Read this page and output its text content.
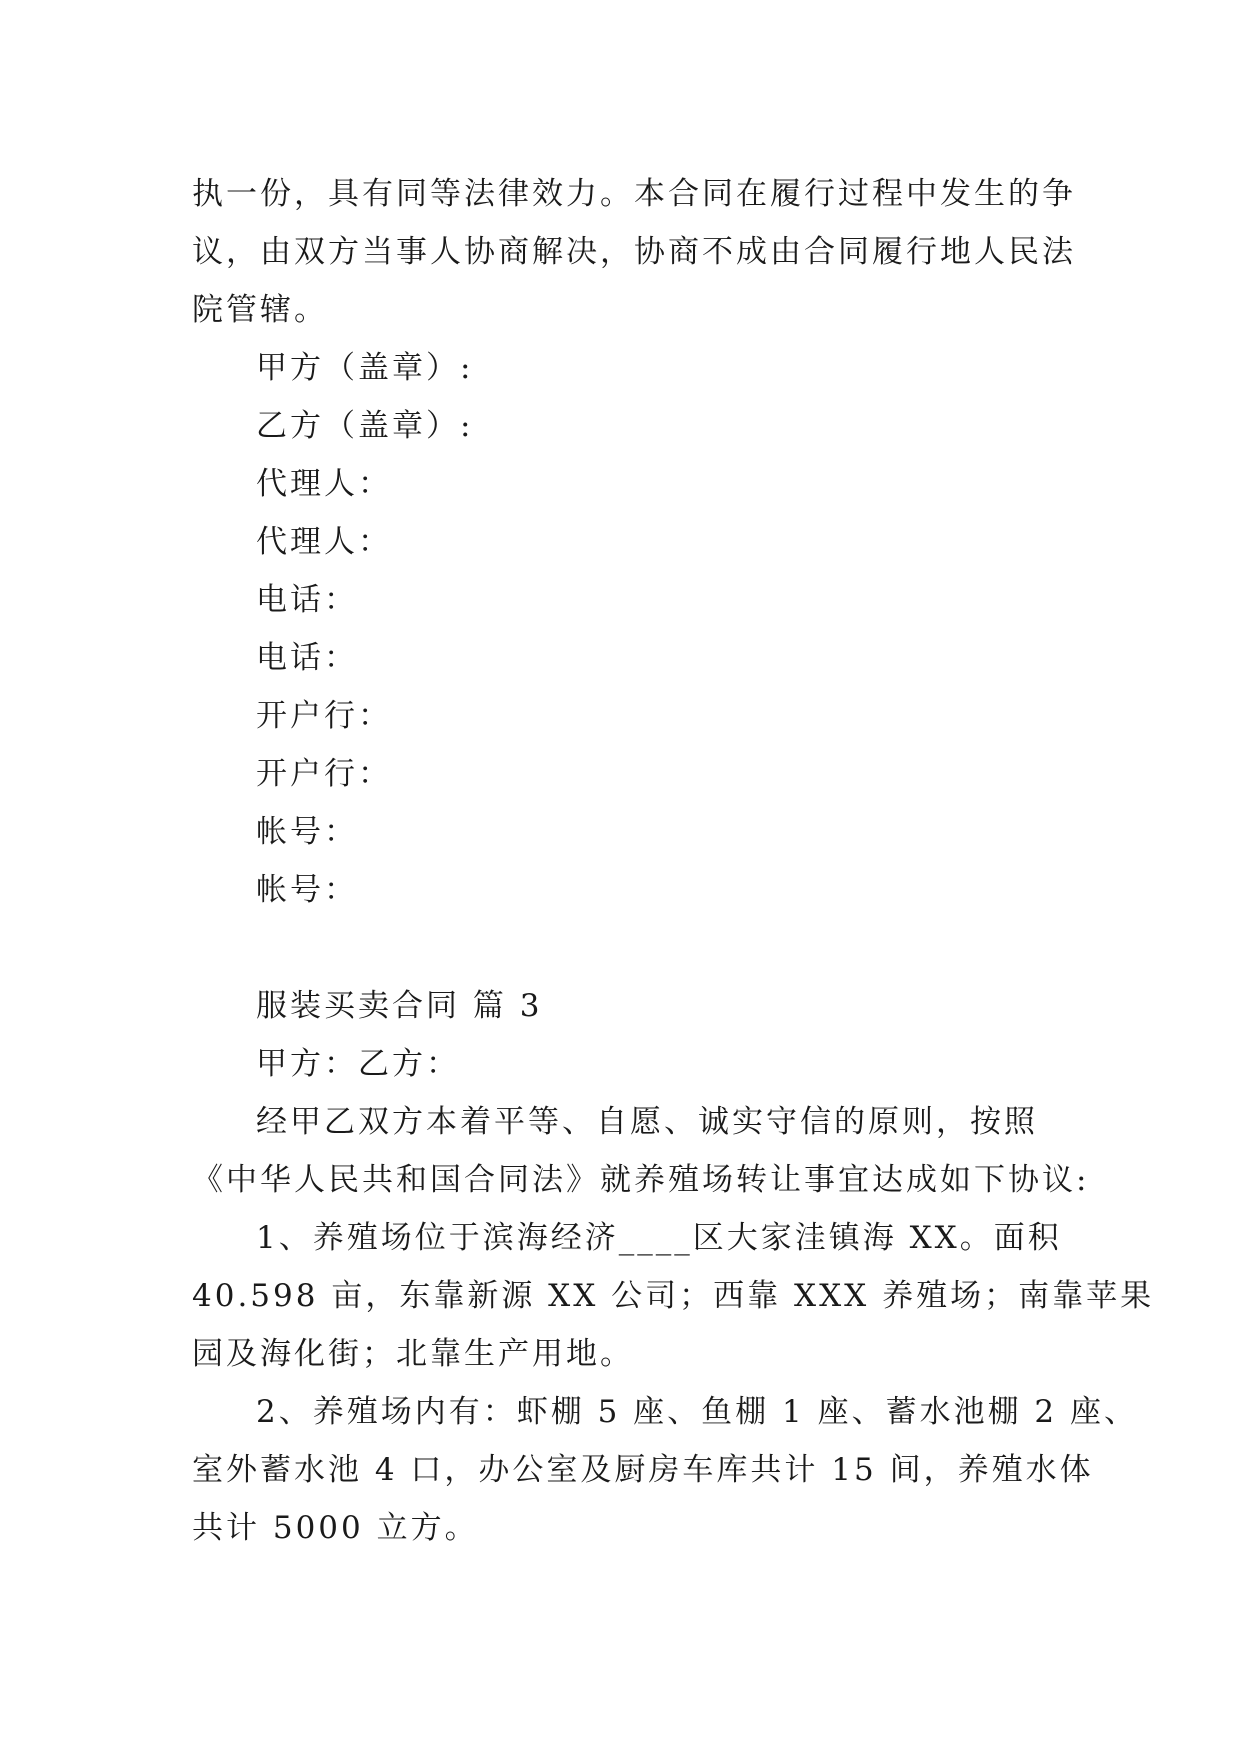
执一份，具有同等法律效力。本合同在履行过程中发生的争
议，由双方当事人协商解决，协商不成由合同履行地人民法
院管辖。
甲方（盖章）:
乙方（盖章）:
代理人：
代理人：
电话：
电话：
开户行：
开户行：
帐号：
帐号：
服装买卖合同 篇 3
甲方：乙方：
经甲乙双方本着平等、自愿、诚实守信的原则，按照
《中华人民共和国合同法》就养殖场转让事宜达成如下协议:
1、养殖场位于滨海经济____区大家洼镇海 XX。面积
40.598 亩，东靠新源 XX 公司；西靠 XXX 养殖场；南靠苹果
园及海化街；北靠生产用地。
2、养殖场内有：虾棚 5 座、鱼棚 1 座、蓄水池棚 2 座、
室外蓄水池 4 口，办公室及厨房车库共计 15 间，养殖水体
共计 5000 立方。
